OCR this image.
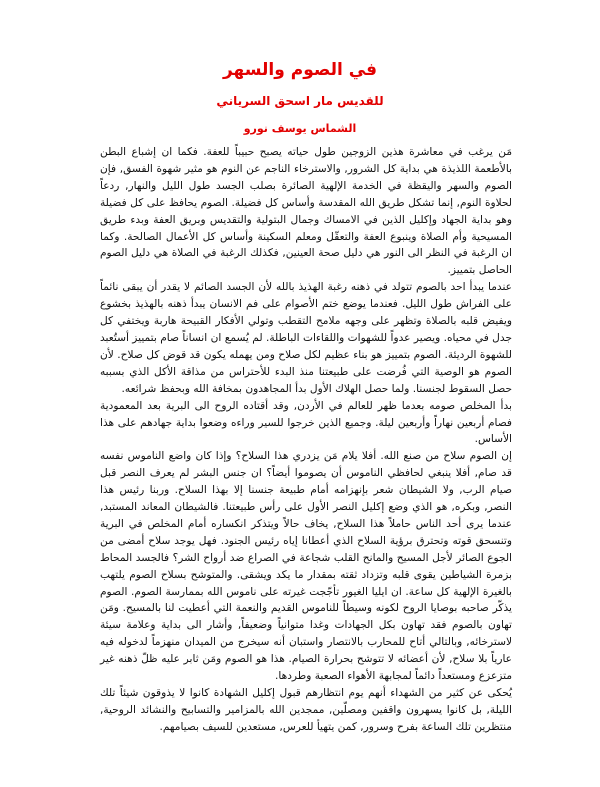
في الصوم والسهر
للقديس مار اسحق السرياني
الشماس يوسف نورو

مَن يرغب في معاشرة هذين الزوجين طول حياته يصبح حبيباً للعفة. فكما ان إشباع البطن بالأطعمة اللذيذة هي بداية كل الشرور, والاسترخاء الناجم عن النوم هو مثير شهوة الفسق, فإن الصوم والسهر واليقظة في الخدمة الإلهية الصائرة بصلب الجسد طول الليل والنهار, ردعاً لحلاوة النوم, إنما تشكل طريق الله المقدسة وأساس كل فضيلة. الصوم يحافظ على كل فضيلة وهو بداية الجهاد وإكليل الذين في الامساك وجمال البتولية والتقديس وبريق العفة وبدء طريق المسيحية وأم الصلاة وينبوع العفة والتعقّل ومعلم السكينة وأساس كل الأعمال الصالحة. وكما ان الرغبة في النظر الى النور هي دليل صحة العينين, فكذلك الرغبة في الصلاة هي دليل الصوم الحاصل بتمييز.

عندما يبدأ احد بالصوم تتولد في ذهنه رغبة الهذيذ بالله لأن الجسد الصائم لا يقدر أن يبقى نائماً على الفراش طول الليل. فعندما يوضع ختم الأصوام على فم الانسان يبدأ ذهنه بالهذيذ بخشوع ويفيض قلبه بالصلاة وتظهر على وجهه ملامح التقطب وتولي الأفكار القبيحة هاربة ويختفي كل جدل في محياه. ويصير عدواً للشهوات واللقاءات الباطلة. لم يُسمع ان انساناً صام بتمييز أستُعبد للشهوة الرديئة. الصوم بتمييز هو بناء عظيم لكل صلاح ومن يهمله يكون قد قوض كل صلاح. لأن الصوم هو الوصية التي فُرضت على طبيعتنا منذ البدء للأحتراس من مذاقة الأكل الذي بسببه حصل السقوط لجنسنا. ولما حصل الهلاك الأول بدأ المجاهدون بمخافة الله وبحفظ شرائعه.

بدأ المخلص صومه بعدما ظهر للعالم في الأردن, وقد أقتاده الروح الى البرية بعد المعمودية فصام أربعين نهاراً وأربعين ليلة. وجميع الذين خرجوا للسير وراءه وضعوا بداية جهادهم على هذا الأساس.

إن الصوم سلاح من صنع الله. أفلا يلام مَن يزدري هذا السلاح؟ وإذا كان واضع الناموس نفسه قد صام, أفلا ينبغي لحافظي الناموس أن يصوموا أيضاً؟ ان جنس البشر لم يعرف النصر قبل صيام الرب, ولا الشيطان شعر بإنهزامه أمام طبيعة جنسنا إلا بهذا السلاح. وربنا رئيس هذا النصر, وبكره, هو الذي وضع إكليل النصر الأول على رأس طبيعتنا. فالشيطان المعاند المستبد, عندما يرى أحد الناس حاملاً هذا السلاح, يخاف حالاً ويتذكر انكساره أمام المخلص في البرية وتنسحق قوته وتحترق برؤية السلاح الذي أعطانا إياه رئيس الجنود. فهل يوجد سلاح أمضى من الجوع الصائر لأجل المسيح والمانح القلب شجاعة في الصراع ضد أرواح الشر؟ فالجسد المحاط بزمرة الشياطين يقوى قلبه وتزداد ثقته بمقدار ما يكد ويشقى. والمتوشح بسلاح الصوم يلتهب بالغيرة الإلهية كل ساعة. ان ايليا الغيور تأجّجت غيرته على ناموس الله بممارسة الصوم. الصوم يذكّر صاحبه بوصايا الروح لكونه وسيطاً للناموس القديم والنعمة التي أعطيت لنا بالمسيح. ومَن تهاون بالصوم فقد تهاون بكل الجهادات وغدا متوانياً وضعيفاً, وأشار الى بداية وعلامة سيئة لاسترخائه, وبالتالي أتاح للمحارب بالانتصار واستبان أنه سيخرج من الميدان منهزماً لدخوله فيه عارياً بلا سلاح, لأن أعضائه لا تتوشح بحرارة الصيام. هذا هو الصوم ومَن ثابر عليه ظلّ ذهنه غير متزعزع ومستعداً دائماً لمجابهة الأهواء الصعبة وطردها.

يُحكى عن كثير من الشهداء أنهم يوم انتظارهم قبول إكليل الشهادة كانوا لا يذوقون شيئاً تلك الليلة, بل كانوا يسهرون واقفين ومصلّين, ممجدين الله بالمزامير والتسابيح والنشائد الروحية, منتظرين تلك الساعة بفرح وسرور, كمن يتهيأ للعرس, مستعدين للسيف بصيامهم.
